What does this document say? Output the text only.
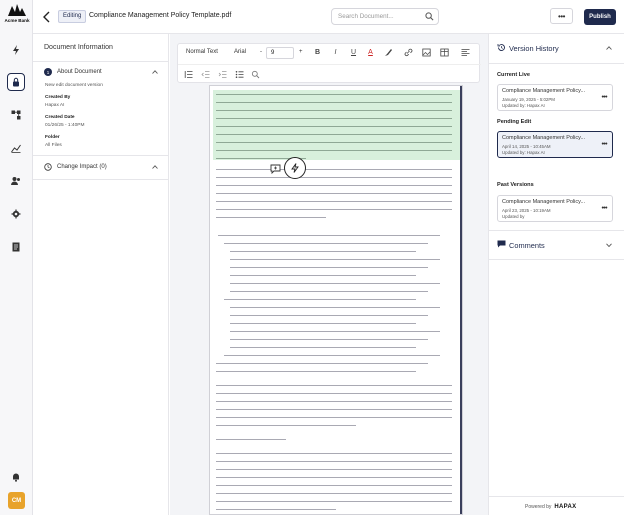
Acme Bank
CM
Editing	Compliance Management Policy Template.pdf	Search Document...	•••	Publish
Document Information
1	About Document
New edit document version
Created By
Hapax AI
Created Date
01/26/25 - 1:40PM
Folder
All Files
Change Impact (0)
Normal Text	Arial -	9	+ B	I	U	A	Version History
Current Live
Compliance Management Policy...
January 19, 2025 - 5:02PM
Updated by: Hapax AI
•••
Pending Edit
Compliance Management Policy...
April 14, 2025 - 10:45AM
Updated by: Hapax AI
•••
Past Versions
Compliance Management Policy...
April 23, 2025 - 10:19AM
Updated by
•••
Comments
Powered by HAPAX
